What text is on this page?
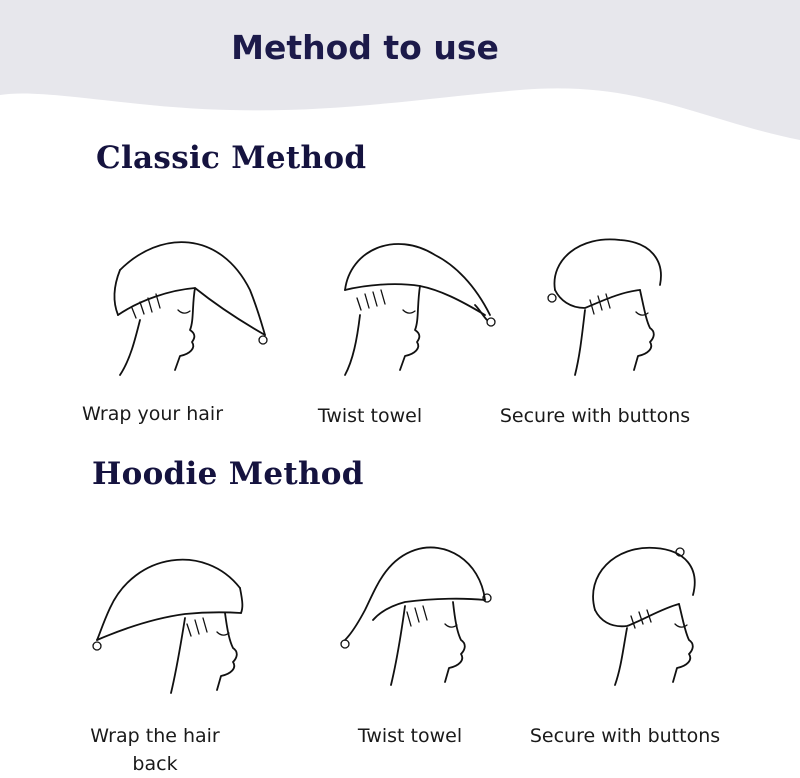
Method to use
Classic Method

Wrap your hair	Twist towel	Secure with buttons

Hoodie Method

Wrap the hair back

Twist towel	Secure with buttons
